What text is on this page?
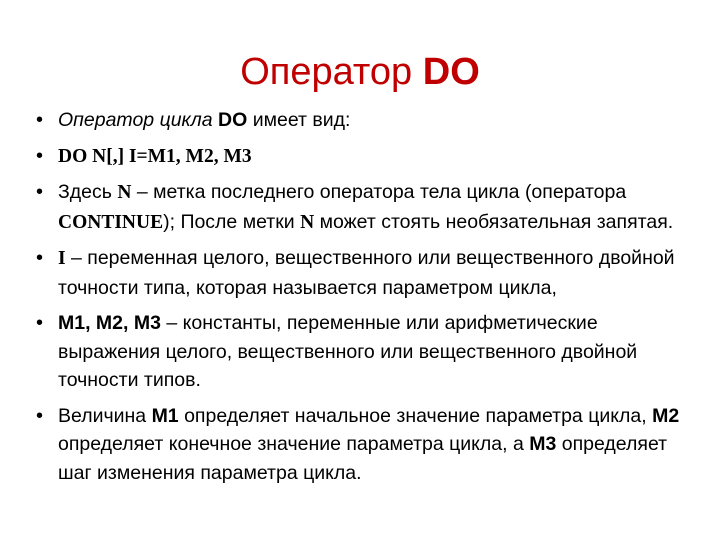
Оператор DO
• Оператор цикла DO имеет вид:
• DO N[,] I=M1, M2, M3
• Здесь N – метка последнего оператора тела цикла (оператора CONTINUE); После метки N может стоять необязательная запятая.
• I – переменная целого, вещественного или вещественного двойной точности типа, которая называется параметром цикла,
• M1, M2, M3 – константы, переменные или арифметические выражения целого, вещественного или вещественного двойной точности типов.
• Величина M1 определяет начальное значение параметра цикла, M2 определяет конечное значение параметра цикла, а M3 определяет шаг изменения параметра цикла.
